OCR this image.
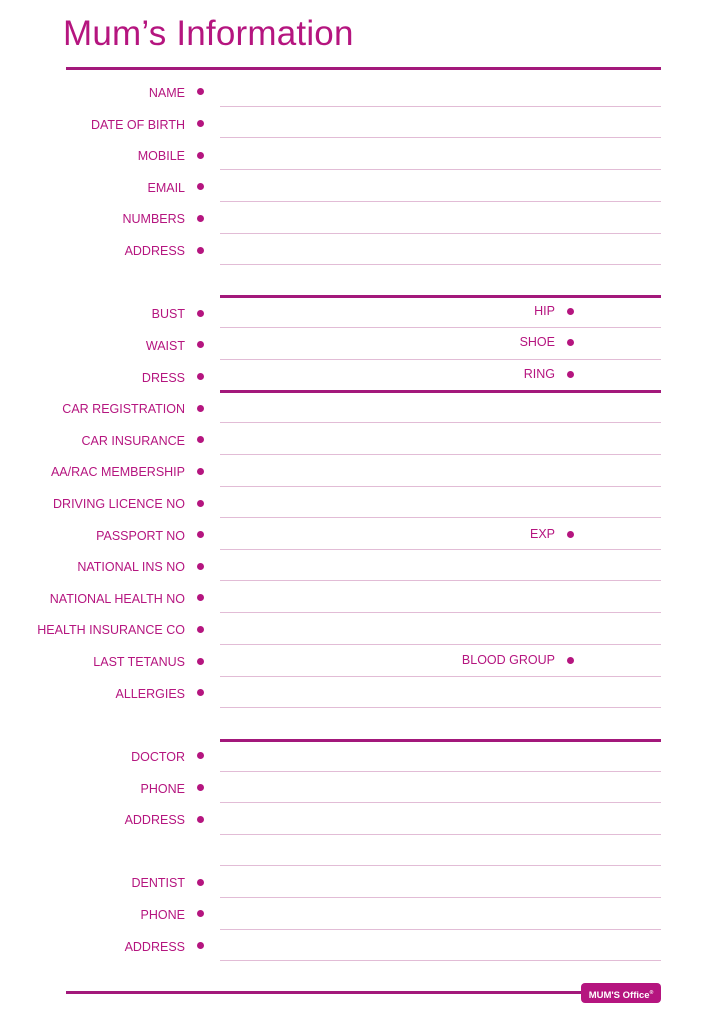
Mum’s Information
NAME
DATE OF BIRTH
MOBILE
EMAIL
NUMBERS
ADDRESS
BUST
WAIST
DRESS
CAR REGISTRATION
CAR INSURANCE
AA/RAC MEMBERSHIP
DRIVING LICENCE NO
PASSPORT NO
NATIONAL INS NO
NATIONAL HEALTH NO
HEALTH INSURANCE CO
LAST TETANUS
ALLERGIES
DOCTOR
PHONE
ADDRESS
DENTIST
PHONE
ADDRESS
HIP
SHOE
RING
EXP
BLOOD GROUP
MUM'S Office®
